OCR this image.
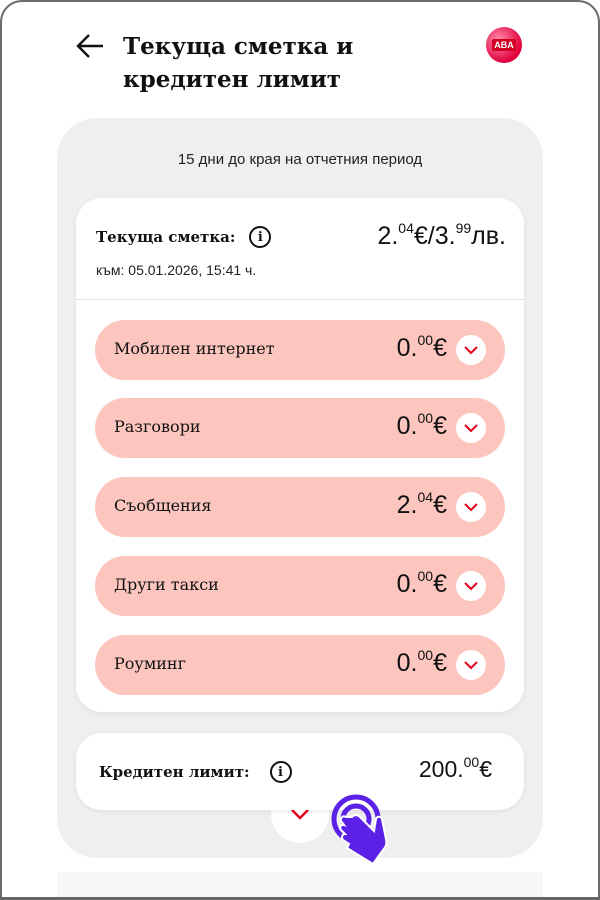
Текуща сметка и кредитен лимит
ABA
15 дни до края на отчетния период
Текуща сметка:	i
към: 05.01.2026, 15:41 ч.
2.04€/3.99лв.
Мобилен интернет	0.00€
Разговори	0.00€
Съобщения	2.04€
Други такси	0.00€
Роуминг	0.00€
Кредитен лимит:	i	200.00€
